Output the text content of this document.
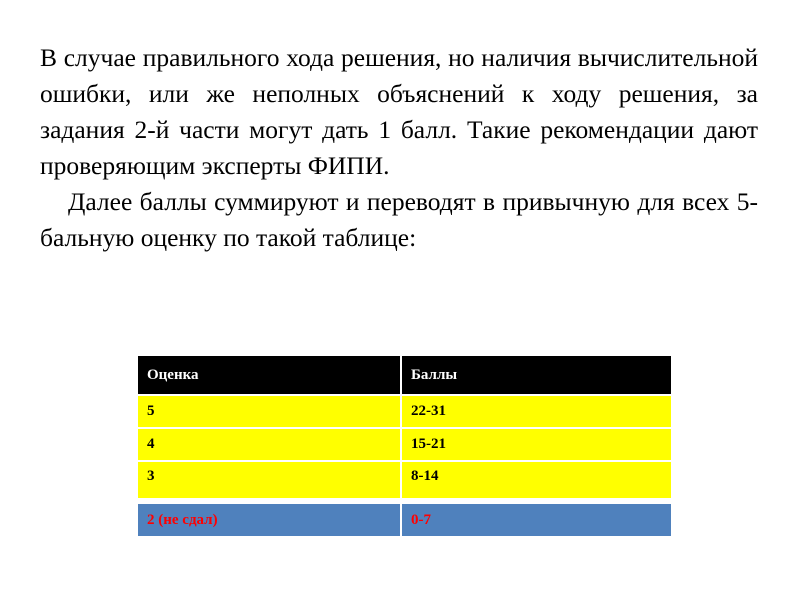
В случае правильного хода решения, но наличия вычислительной ошибки, или же неполных объяснений к ходу решения, за задания 2-й части могут дать 1 балл. Такие рекомендации дают проверяющим эксперты ФИПИ.

Далее баллы суммируют и переводят в привычную для всех 5-бальную оценку по такой таблице:

Оценка	Баллы
5	22-31
4	15-21
3	8-14
2 (не сдал)	0-7
